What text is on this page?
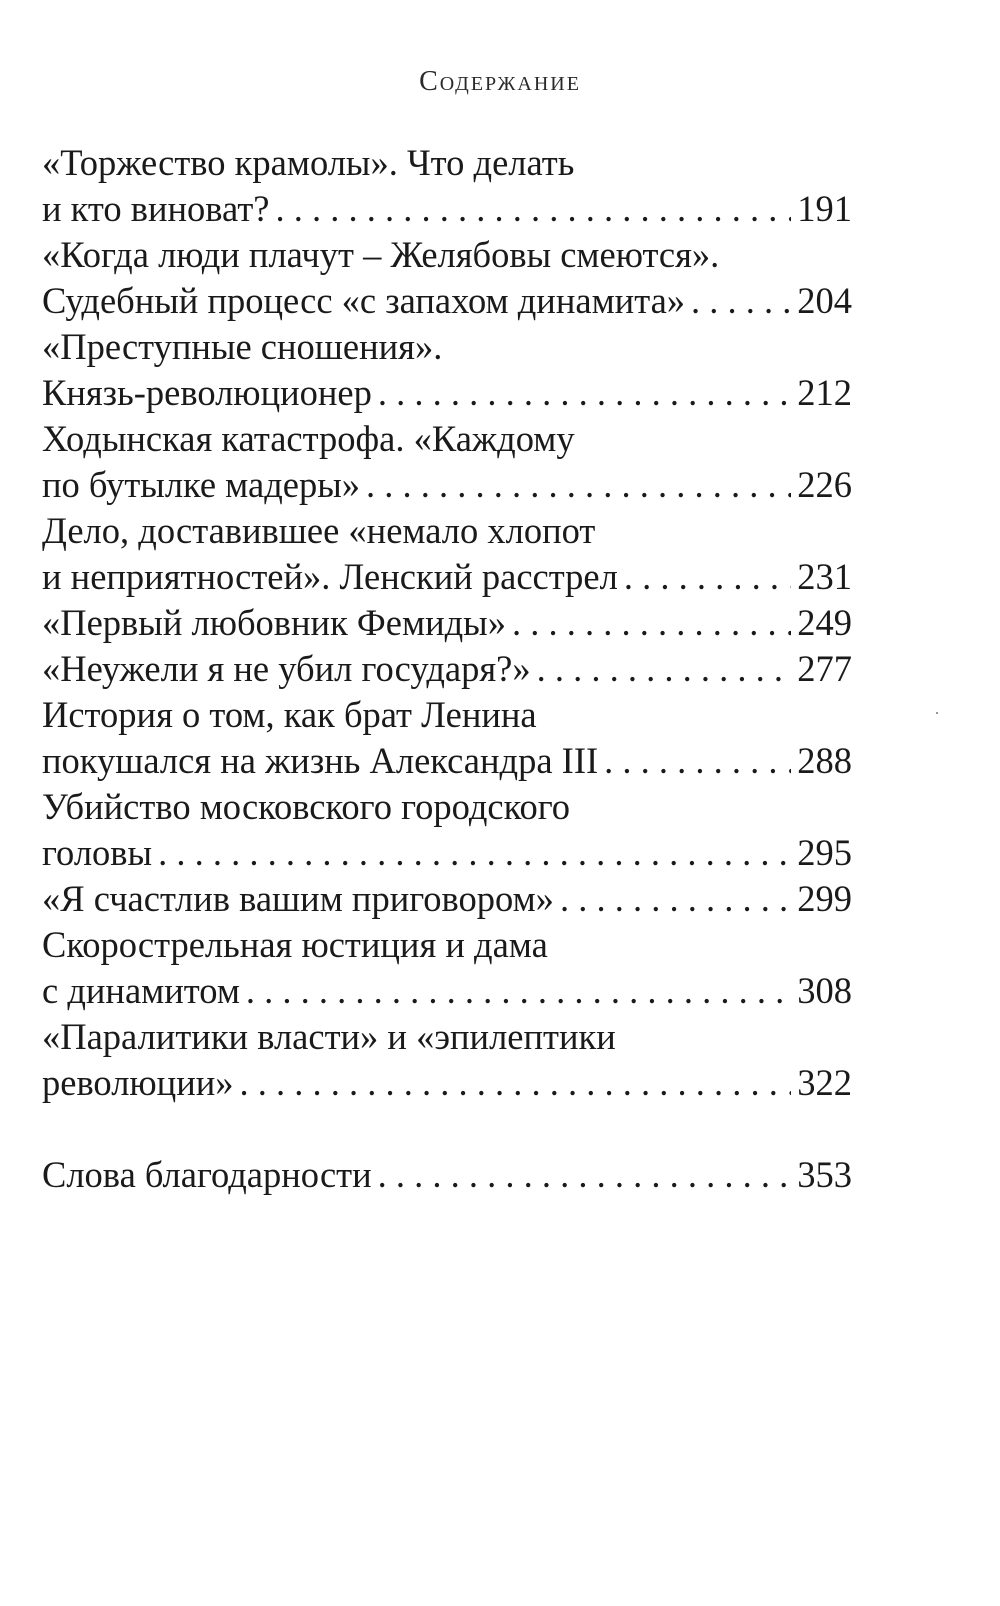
Содержание
«Торжество крамолы». Что делать
и кто виноват? . . .	191
«Когда люди плачут – Желябовы смеются».
Судебный процесс «с запахом динамита» . . .	204
«Преступные сношения».
Князь-революционер . . .	212
Ходынская катастрофа. «Каждому
по бутылке мадеры» . . .	226
Дело, доставившее «немало хлопот
и неприятностей». Ленский расстрел . . .	231
«Первый любовник Фемиды» . . .	249
«Неужели я не убил государя?» . . .	277
История о том, как брат Ленина
покушался на жизнь Александра III . . .	288
Убийство московского городского
головы . . .	295
«Я счастлив вашим приговором» . . .	299
Скорострельная юстиция и дама
с динамитом . . .	308
«Паралитики власти» и «эпилептики
революции» . . .	322
Слова благодарности . . .	353
